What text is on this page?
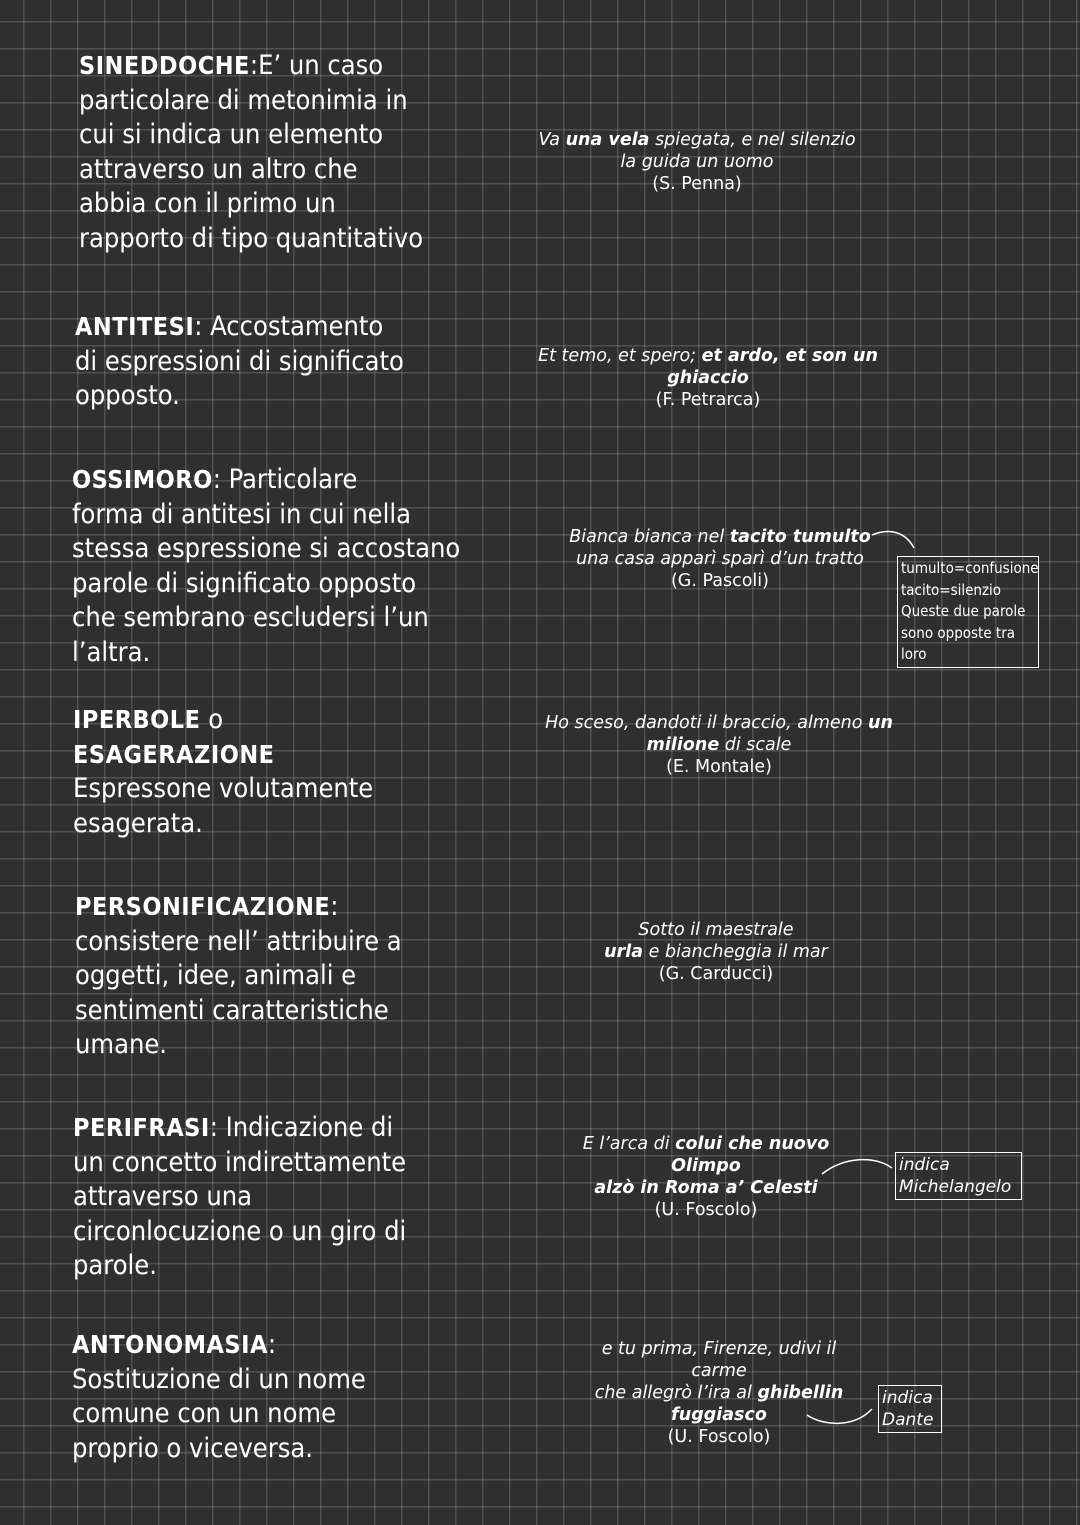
SINEDDOCHE:E’ un caso
particolare di metonimia in
cui si indica un elemento
attraverso un altro che
abbia con il primo un
rapporto di tipo quantitativo
Va una vela spiegata, e nel silenzio
la guida un uomo
(S. Penna)
ANTITESI: Accostamento
di espressioni di significato
opposto.
Et temo, et spero; et ardo, et son un
ghiaccio
(F. Petrarca)
OSSIMORO: Particolare
forma di antitesi in cui nella
stessa espressione si accostano
parole di significato opposto
che sembrano escludersi l’un
l’altra.
Bianca bianca nel tacito tumulto
una casa apparì sparì d’un tratto
(G. Pascoli)
tumulto=confusione
tacito=silenzio
Queste due parole
sono opposte tra
loro
IPERBOLE o
ESAGERAZIONE
Espressone volutamente
esagerata.
Ho sceso, dandoti il braccio, almeno un
milione di scale
(E. Montale)
PERSONIFICAZIONE:
consistere nell’ attribuire a
oggetti, idee, animali e
sentimenti caratteristiche
umane.
Sotto il maestrale
urla e biancheggia il mar
(G. Carducci)
PERIFRASI: Indicazione di
un concetto indirettamente
attraverso una
circonlocuzione o un giro di
parole.
E l’arca di colui che nuovo
Olimpo
alzò in Roma a’ Celesti
(U. Foscolo)
indica
Michelangelo
ANTONOMASIA:
Sostituzione di un nome
comune con un nome
proprio o viceversa.
e tu prima, Firenze, udivi il
carme
che allegrò l’ira al ghibellin
fuggiasco
(U. Foscolo)
indica
Dante
